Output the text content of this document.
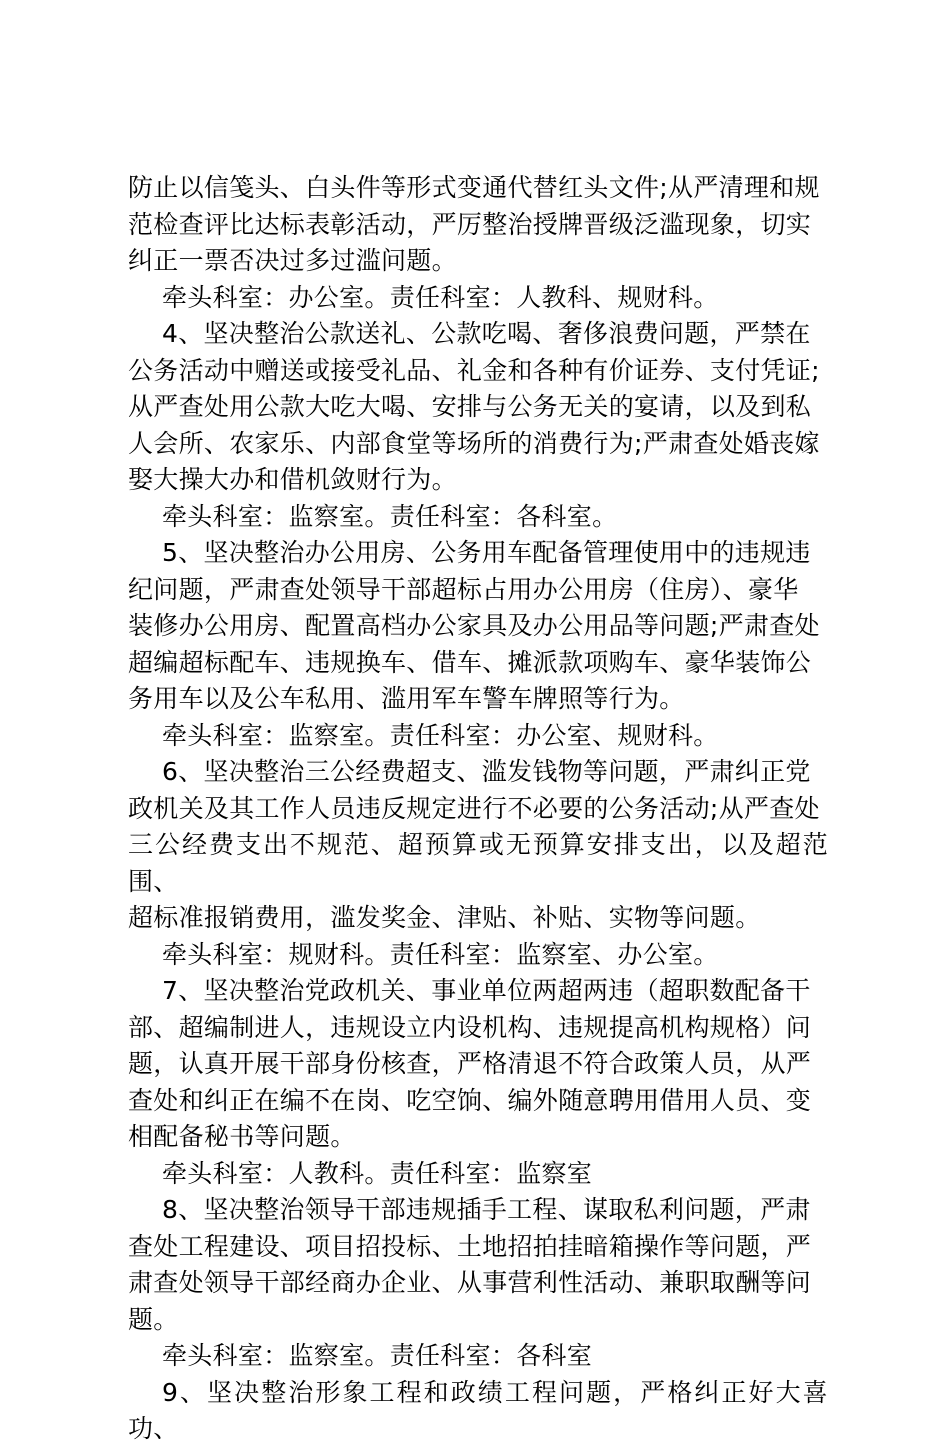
防止以信笺头、白头件等形式变通代替红头文件;从严清理和规
范检查评比达标表彰活动，严厉整治授牌晋级泛滥现象，切实
纠正一票否决过多过滥问题。

牵头科室：办公室。责任科室：人教科、规财科。

4、坚决整治公款送礼、公款吃喝、奢侈浪费问题，严禁在
公务活动中赠送或接受礼品、礼金和各种有价证券、支付凭证;
从严查处用公款大吃大喝、安排与公务无关的宴请，以及到私
人会所、农家乐、内部食堂等场所的消费行为;严肃查处婚丧嫁
娶大操大办和借机敛财行为。

牵头科室：监察室。责任科室：各科室。

5、坚决整治办公用房、公务用车配备管理使用中的违规违
纪问题，严肃查处领导干部超标占用办公用房（住房）、豪华
装修办公用房、配置高档办公家具及办公用品等问题;严肃查处
超编超标配车、违规换车、借车、摊派款项购车、豪华装饰公
务用车以及公车私用、滥用军车警车牌照等行为。

牵头科室：监察室。责任科室：办公室、规财科。

6、坚决整治三公经费超支、滥发钱物等问题，严肃纠正党
政机关及其工作人员违反规定进行不必要的公务活动;从严查处
三公经费支出不规范、超预算或无预算安排支出，以及超范围、
超标准报销费用，滥发奖金、津贴、补贴、实物等问题。

牵头科室：规财科。责任科室：监察室、办公室。

7、坚决整治党政机关、事业单位两超两违（超职数配备干
部、超编制进人，违规设立内设机构、违规提高机构规格）问
题，认真开展干部身份核查，严格清退不符合政策人员，从严
查处和纠正在编不在岗、吃空饷、编外随意聘用借用人员、变
相配备秘书等问题。

牵头科室：人教科。责任科室：监察室

8、坚决整治领导干部违规插手工程、谋取私利问题，严肃
查处工程建设、项目招投标、土地招拍挂暗箱操作等问题，严
肃查处领导干部经商办企业、从事营利性活动、兼职取酬等问
题。

牵头科室：监察室。责任科室：各科室

9、坚决整治形象工程和政绩工程问题，严格纠正好大喜功、
